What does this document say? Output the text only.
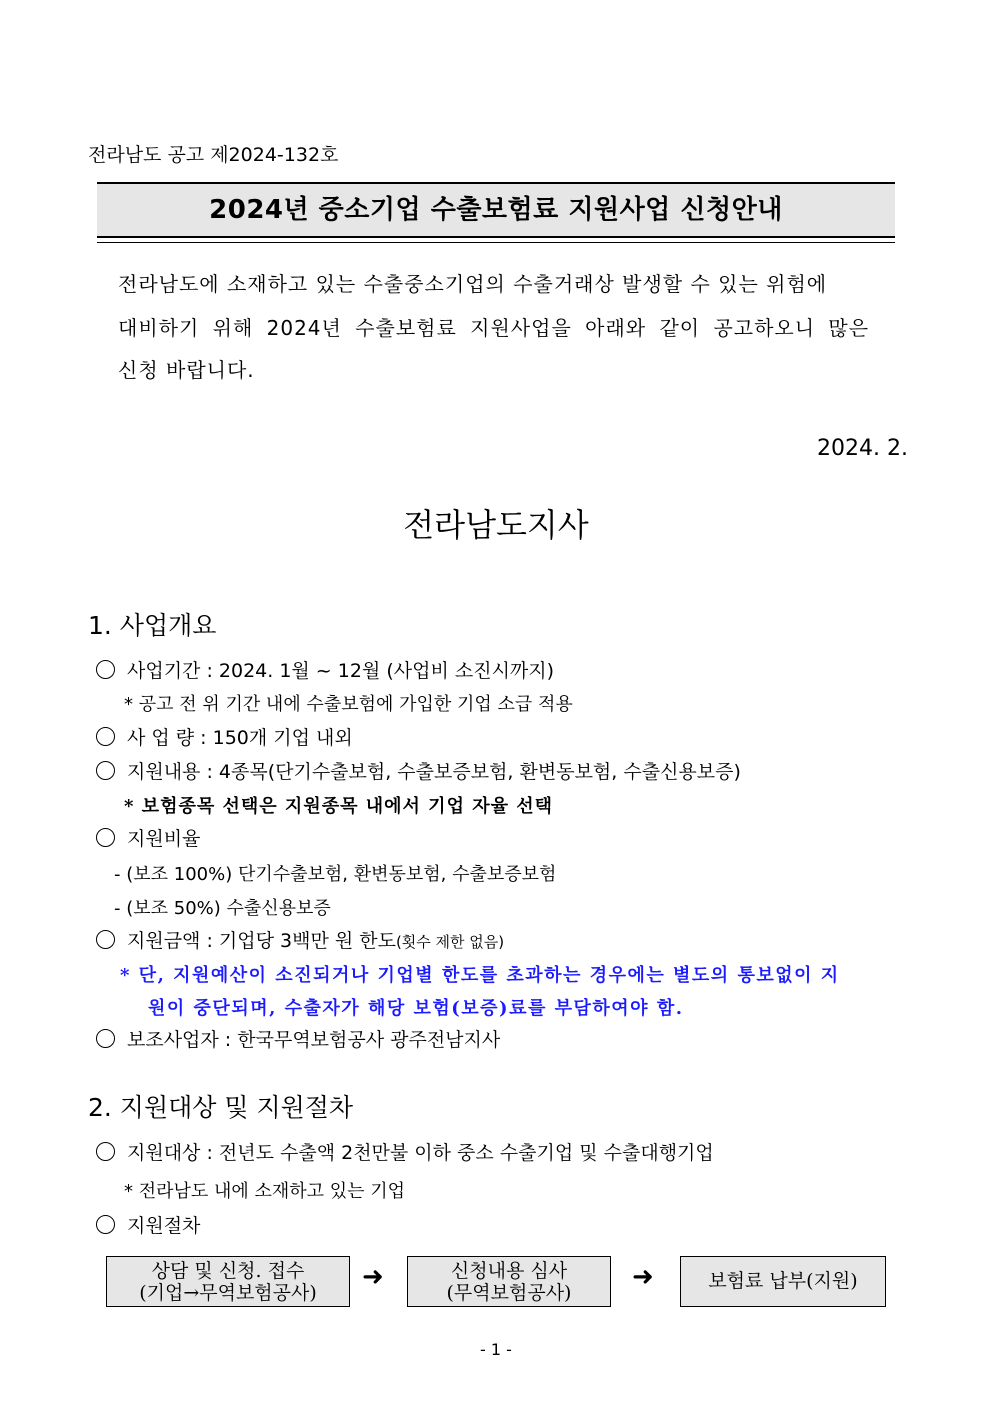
전라남도 공고 제2024-132호
2024년 중소기업 수출보험료 지원사업 신청안내
전라남도에 소재하고 있는 수출중소기업의 수출거래상 발생할 수 있는 위험에
대비하기 위해 2024년 수출보험료 지원사업을 아래와 같이 공고하오니 많은
신청 바랍니다.
2024. 2.
전라남도지사
1. 사업개요
사업기간 : 2024. 1월 ~ 12월 (사업비 소진시까지)
* 공고 전 위 기간 내에 수출보험에 가입한 기업 소급 적용
사 업 량 : 150개 기업 내외
지원내용 : 4종목(단기수출보험, 수출보증보험, 환변동보험, 수출신용보증)
* 보험종목 선택은 지원종목 내에서 기업 자율 선택
지원비율
- (보조 100%) 단기수출보험, 환변동보험, 수출보증보험
- (보조 50%) 수출신용보증
지원금액 : 기업당 3백만 원 한도(횟수 제한 없음)
* 단, 지원예산이 소진되거나 기업별 한도를 초과하는 경우에는 별도의 통보없이 지
원이 중단되며, 수출자가 해당 보험(보증)료를 부담하여야 함.
보조사업자 : 한국무역보험공사 광주전남지사
2. 지원대상 및 지원절차
지원대상 : 전년도 수출액 2천만불 이하 중소 수출기업 및 수출대행기업
* 전라남도 내에 소재하고 있는 기업
지원절차
상담 및 신청. 접수
(기업→무역보험공사)
➜	신청내용 심사
(무역보험공사)
➜	보험료 납부(지원)
- 1 -
